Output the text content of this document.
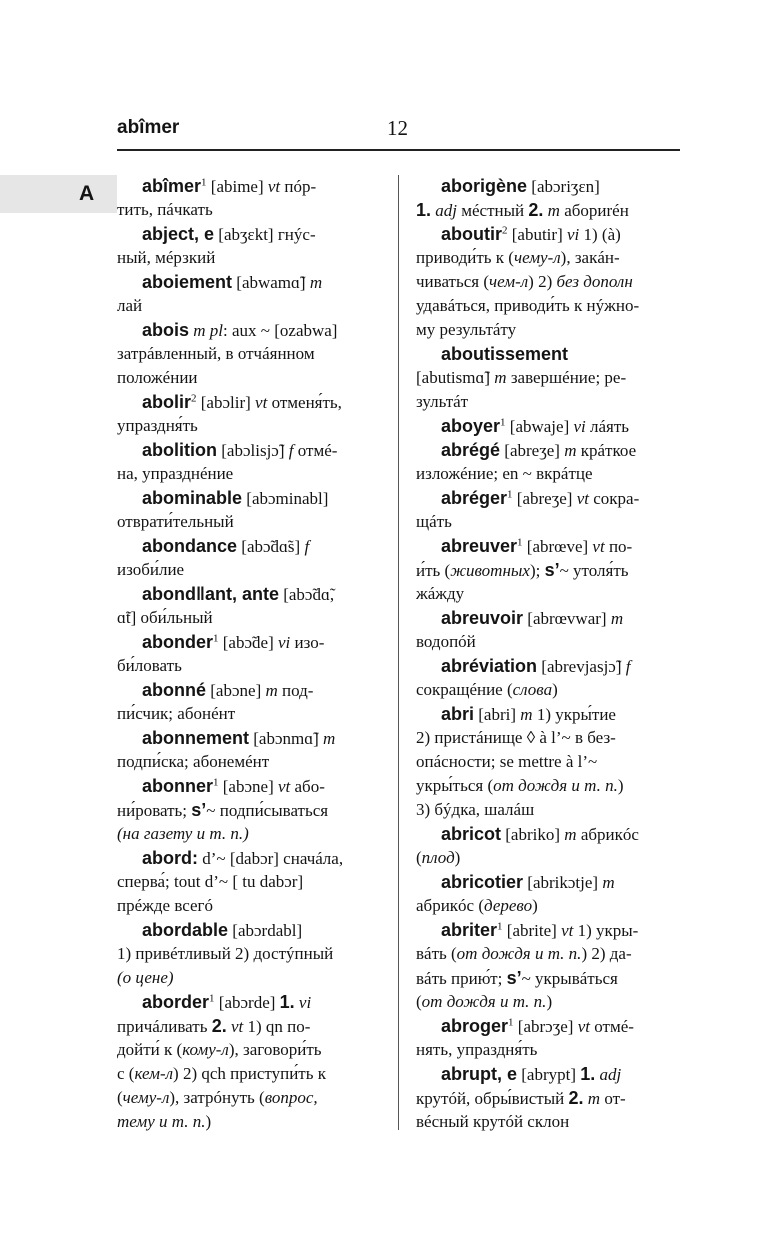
abîmer	12
A	abîmer$^1$ [abime] vt пóр-
тить, пáчкать
abject, e [abʒɛkt] гнýс-
ный, мéрзкий
aboiement [abwamɑ̃] m
лай
abois m pl: aux ~ [ozabwa]
затрáвленный, в отчáянном
положéнии
abolir$^2$ [abɔlir] vt отменя́ть,
упраздня́ть
abolition [abɔlisjɔ̃] f отмé-
на, упразднéние
abominable [abɔminabl]
отврати́тельный
abondance [abɔ̃dɑ̃s] f
изоби́лие
abond‖ant, ante [abɔ̃dɑ̃,
ɑ̃t] оби́льный
abonder$^1$ [abɔ̃de] vi изо-
би́ловать
abonné [abɔne] m под-
пи́счик; абонéнт
abonnement [abɔnmɑ̃] m
подпи́ска; абонемéнт
abonner$^1$ [abɔne] vt або-
ни́ровать; s’~ подпи́сываться
(на газету и т. п.)
abord: d’~ [dabɔr] сначáла,
сперва́; tout d’~ [ tu dabɔr]
прéжде всегó
abordable [abɔrdabl]
1) привéтливый 2) достýпный
(о цене)
aborder$^1$ [abɔrde] 1. vi
причáливать 2. vt 1) qn по-
дойти́ к (кому-л), заговори́ть
с (кем-л) 2) qch приступи́ть к
(чему-л), затрóнуть (вопрос,
тему и т. п.)
aborigène [abɔriʒɛn]
1. adj мéстный 2. m абориréн
aboutir$^2$ [abutir] vi 1) (à)
приводи́ть к (чему-л), закáн-
чиваться (чем-л) 2) без дополн
удавáться, приводи́ть к нýжно-
му результáту
aboutissement
[abutismɑ̃] m завершéние; ре-
зультáт
aboyer$^1$ [abwaje] vi лáять
abrégé [abreʒe] m крáткое
изложéние; en ~ вкрáтце
abréger$^1$ [abreʒe] vt сокра-
щáть
abreuver$^1$ [abrœve] vt по-
и́ть (животных); s’~ утоля́ть
жáжду
abreuvoir [abrœvwar] m
водопóй
abréviation [abrevjasjɔ̃] f
сокращéние (слова)
abri [abri] m 1) укры́тие
2) пристáнище ◊ à l’~ в без-
опáсности; se mettre à l’~
укры́ться (от дождя и т. п.)
3) бýдка, шалáш
abricot [abriko] m абрикóс
(плод)
abricotier [abrikɔtje] m
абрикóс (дерево)
abriter$^1$ [abrite] vt 1) укры-
вáть (от дождя и т. п.) 2) да-
вáть прию́т; s’~ укрывáться
(от дождя и т. п.)
abroger$^1$ [abrɔʒe] vt отмé-
нять, упраздня́ть
abrupt, e [abrypt] 1. adj
крутóй, обры́вистый 2. m от-
вéсный крутóй склон
